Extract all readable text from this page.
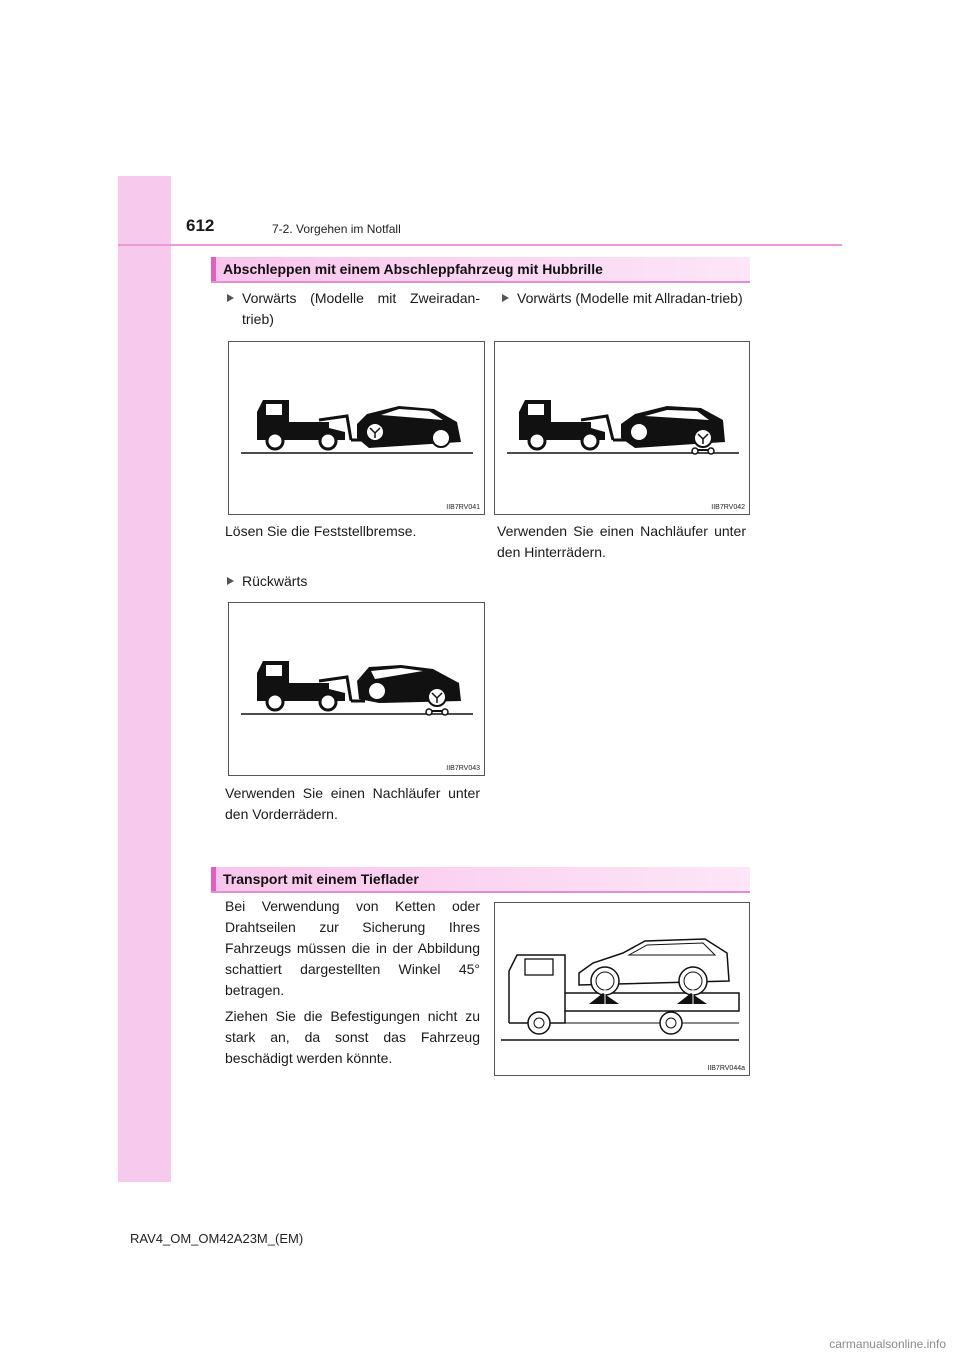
612	7-2. Vorgehen im Notfall
Abschleppen mit einem Abschleppfahrzeug mit Hubbrille
Vorwärts (Modelle mit Zweiradan-trieb)
Vorwärts (Modelle mit Allradan-trieb)
IIB7RV041	IIB7RV042
Lösen Sie die Feststellbremse.	Verwenden Sie einen Nachläufer unter den Hinterrädern.
Rückwärts
IIB7RV043
Verwenden Sie einen Nachläufer unter den Vorderrädern.
Transport mit einem Tieflader
Bei Verwendung von Ketten oder Drahtseilen zur Sicherung Ihres Fahrzeugs müssen die in der Abbildung schattiert dargestellten Winkel 45° betragen.
Ziehen Sie die Befestigungen nicht zu stark an, da sonst das Fahrzeug beschädigt werden könnte.
IIB7RV044a
RAV4_OM_OM42A23M_(EM)
carmanualsonline.info
